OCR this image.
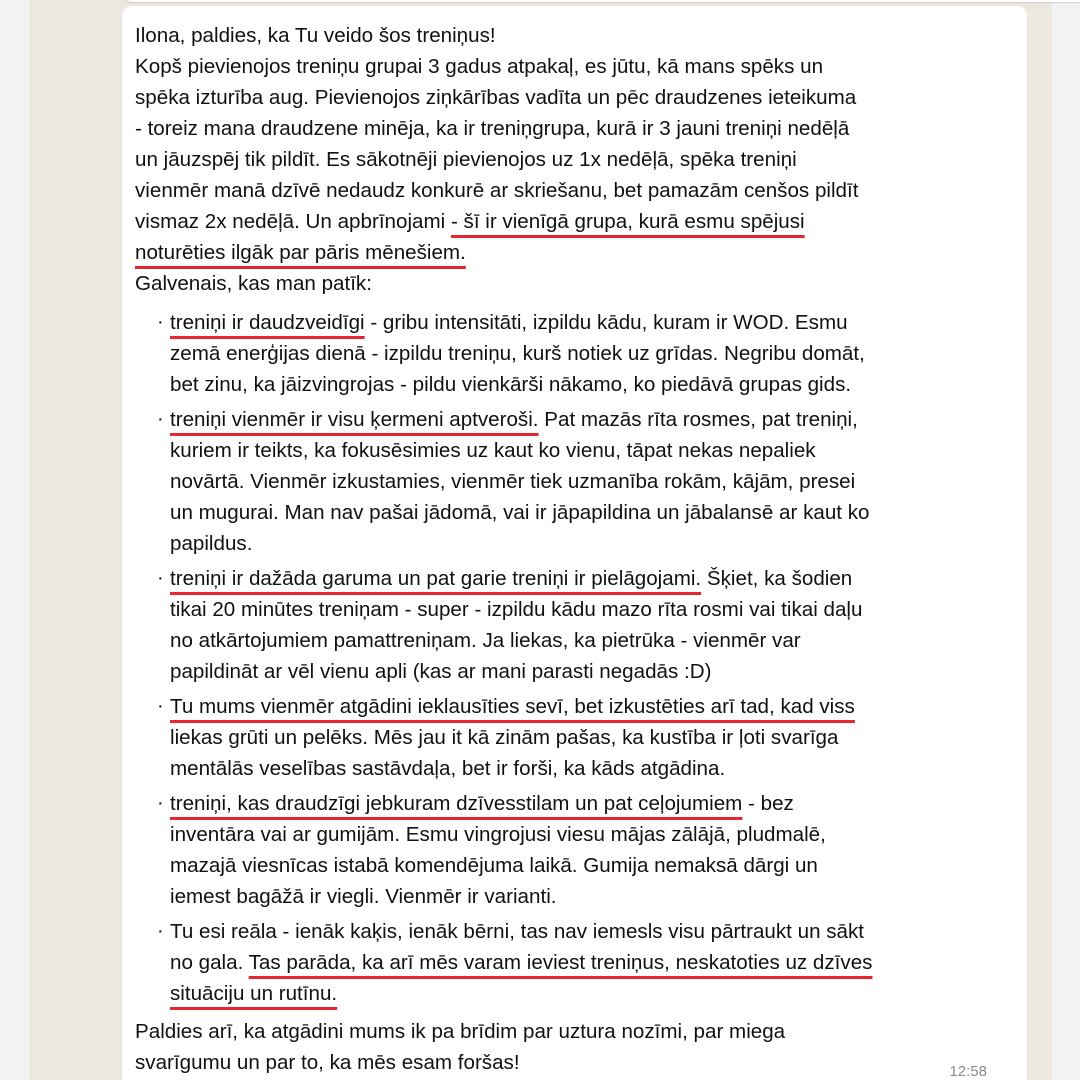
Ilona, paldies, ka Tu veido šos treniņus!
Kopš pievienojos treniņu grupai 3 gadus atpakaļ, es jūtu, kā mans spēks un
spēka izturība aug. Pievienojos ziņkārības vadīta un pēc draudzenes ieteikuma
- toreiz mana draudzene minēja, ka ir treniņgrupa, kurā ir 3 jauni treniņi nedēļā
un jāuzspēj tik pildīt. Es sākotnēji pievienojos uz 1x nedēļā, spēka treniņi
vienmēr manā dzīvē nedaudz konkurē ar skriešanu, bet pamazām cenšos pildīt
vismaz 2x nedēļā. Un apbrīnojami - šī ir vienīgā grupa, kurā esmu spējusi
noturēties ilgāk par pāris mēnešiem.
Galvenais, kas man patīk:
· treniņi ir daudzveidīgi - gribu intensitāti, izpildu kādu, kuram ir WOD. Esmu
zemā enerģijas dienā - izpildu treniņu, kurš notiek uz grīdas. Negribu domāt,
bet zinu, ka jāizvingrojas - pildu vienkārši nākamo, ko piedāvā grupas gids.
· treniņi vienmēr ir visu ķermeni aptveroši. Pat mazās rīta rosmes, pat treniņi,
kuriem ir teikts, ka fokusēsimies uz kaut ko vienu, tāpat nekas nepaliek
novārtā. Vienmēr izkustamies, vienmēr tiek uzmanība rokām, kājām, presei
un mugurai. Man nav pašai jādomā, vai ir jāpapildina un jābalansē ar kaut ko
papildus.
· treniņi ir dažāda garuma un pat garie treniņi ir pielāgojami. Šķiet, ka šodien
tikai 20 minūtes treniņam - super - izpildu kādu mazo rīta rosmi vai tikai daļu
no atkārtojumiem pamattreniņam. Ja liekas, ka pietrūka - vienmēr var
papildināt ar vēl vienu apli (kas ar mani parasti negadās :D)
· Tu mums vienmēr atgādini ieklausīties sevī, bet izkustēties arī tad, kad viss
liekas grūti un pelēks. Mēs jau it kā zinām pašas, ka kustība ir ļoti svarīga
mentālās veselības sastāvdaļa, bet ir forši, ka kāds atgādina.
· treniņi, kas draudzīgi jebkuram dzīvesstilam un pat ceļojumiem - bez
inventāra vai ar gumijām. Esmu vingrojusi viesu mājas zālājā, pludmalē,
mazajā viesnīcas istabā komendējuma laikā. Gumija nemaksā dārgi un
iemest bagāžā ir viegli. Vienmēr ir varianti.
· Tu esi reāla - ienāk kaķis, ienāk bērni, tas nav iemesls visu pārtraukt un sākt
no gala. Tas parāda, ka arī mēs varam ieviest treniņus, neskatoties uz dzīves
situāciju un rutīnu.
Paldies arī, ka atgādini mums ik pa brīdim par uztura nozīmi, par miega
svarīgumu un par to, ka mēs esam foršas!	12:58
